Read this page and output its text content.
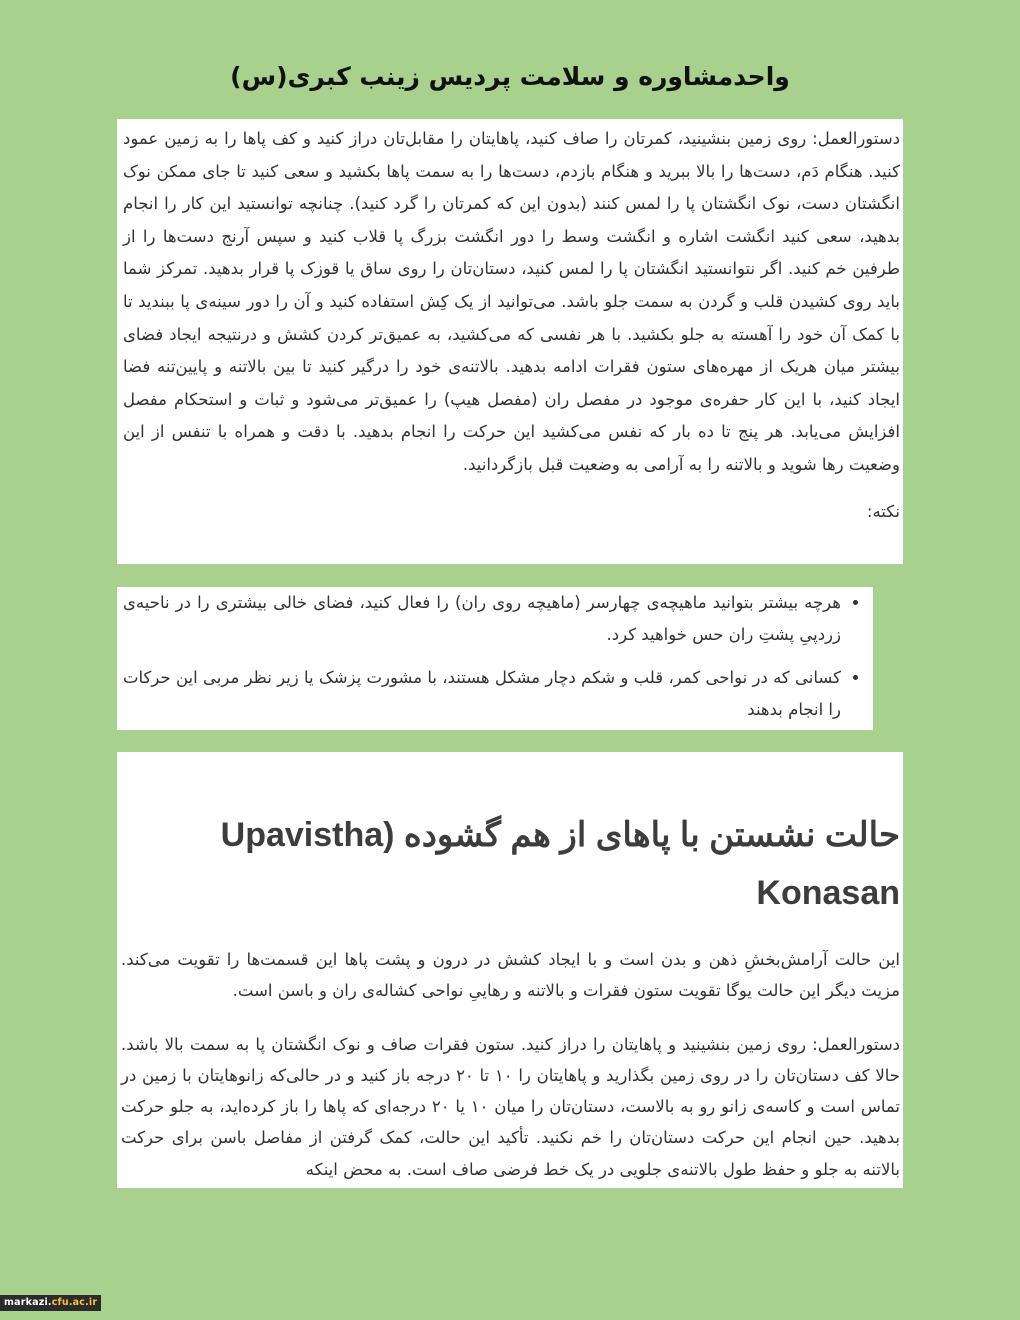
واحدمشاوره و سلامت پردیس زینب کبری(س)

دستورالعمل: روی زمین بنشینید، کمرتان را صاف کنید، پاهایتان را مقابل‌تان دراز کنید و کف پاها را به زمین عمود کنید. هنگام دَم، دست‌ها را بالا ببرید و هنگام بازدم، دست‌ها را به سمت پاها بکشید و سعی کنید تا جای ممکن نوک انگشتان دست، نوک انگشتان پا را لمس کنند (بدون این که کمرتان را گرد کنید). چنانچه توانستید این کار را انجام بدهید، سعی کنید انگشت اشاره و انگشت وسط را دور انگشت بزرگ پا قلاب کنید و سپس آرنج دست‌ها را از طرفین خم کنید. اگر نتوانستید انگشتان پا را لمس کنید، دستان‌تان را روی ساق یا قوزک پا قرار بدهید. تمرکز شما باید روی کشیدن قلب و گردن به سمت جلو باشد. می‌توانید از یک کِش استفاده کنید و آن را دور سینه‌ی پا ببندید تا با کمک آن خود را آهسته به جلو بکشید. با هر نفسی که می‌کشید، به عمیق‌تر کردن کشش و درنتیجه ایجاد فضای بیشتر میان هریک از مهره‌های ستون فقرات ادامه بدهید. بالاتنه‌ی خود را درگیر کنید تا بین بالاتنه و پایین‌تنه فضا ایجاد کنید، با این کار حفره‌ی موجود در مفصل ران (مفصل هیپ) را عمیق‌تر می‌شود و ثبات و استحکام مفصل افزایش می‌یابد. هر پنج تا ده بار که نفس می‌کشید این حرکت را انجام بدهید. با دقت و همراه با تنفس از این وضعیت رها شوید و بالاتنه را به آرامی به وضعیت قبل بازگردانید.

نکته:

• هرچه بیشتر بتوانید ماهیچه‌ی چهارسر (ماهیچه روی ران) را فعال کنید، فضای خالی بیشتری را در ناحیه‌ی زردپیِ پشتِ ران حس خواهید کرد.
• کسانی که در نواحی کمر، قلب و شکم دچار مشکل هستند، با مشورت پزشک یا زیر نظر مربی این حرکات را انجام بدهند
حالت نشستن با پاهای از هم گشوده (Upavistha Konasan

این حالت آرامش‌بخشِ ذهن و بدن است و با ایجاد کشش در درون و پشت پاها این قسمت‌ها را تقویت می‌کند. مزیت دیگر این حالت یوگا تقویت ستون فقرات و بالاتنه و رهاییِ نواحی کشاله‌ی ران و باسن است.

دستورالعمل: روی زمین بنشینید و پاهایتان را دراز کنید. ستون فقرات صاف و نوک انگشتان پا به سمت بالا باشد. حالا کف دستان‌تان را در روی زمین بگذارید و پاهایتان را ۱۰ تا ۲۰ درجه باز کنید و در حالی‌که زانوهایتان با زمین در تماس است و کاسه‌ی زانو رو به بالاست، دستان‌تان را میان ۱۰ یا ۲۰ درجه‌ای که پاها را باز کرده‌اید، به جلو حرکت بدهید. حین انجام این حرکت دستان‌تان را خم نکنید. تأکید این حالت، کمک گرفتن از مفاصل باسن برای حرکت بالاتنه به جلو و حفظ طول بالاتنه‌ی جلویی در یک خط فرضی صاف است. به محض اینکه

markazi.cfu.ac.ir
